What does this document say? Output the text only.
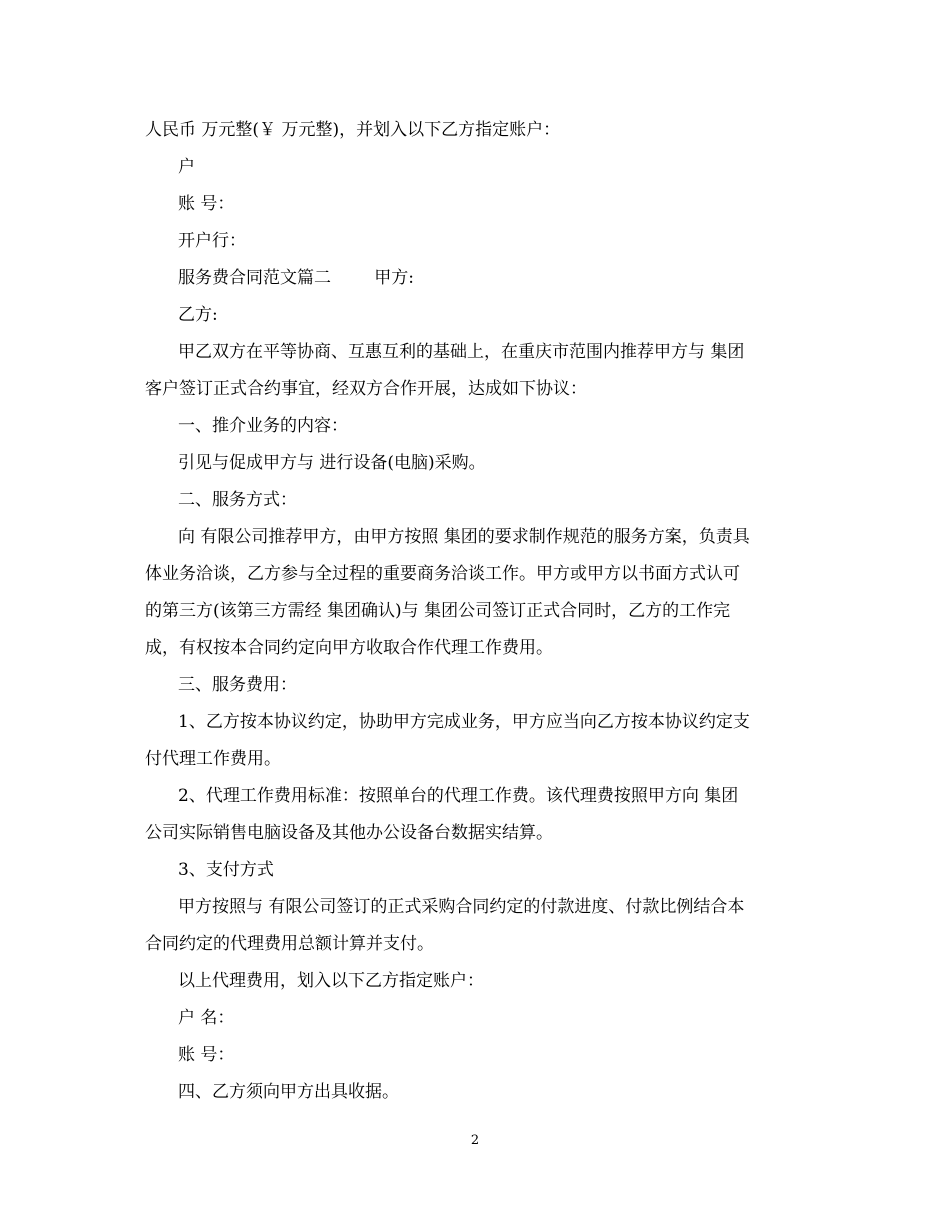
人民币 万元整(￥ 万元整)，并划入以下乙方指定账户：
户
账 号：
开户行：
服务费合同范文篇二        甲方:
乙方:
甲乙双方在平等协商、互惠互利的基础上，在重庆市范围内推荐甲方与 集团
客户签订正式合约事宜，经双方合作开展，达成如下协议：
一、推介业务的内容：
引见与促成甲方与 进行设备(电脑)采购。
二、服务方式：
向 有限公司推荐甲方，由甲方按照 集团的要求制作规范的服务方案，负责具
体业务洽谈，乙方参与全过程的重要商务洽谈工作。甲方或甲方以书面方式认可
的第三方(该第三方需经 集团确认)与 集团公司签订正式合同时，乙方的工作完
成，有权按本合同约定向甲方收取合作代理工作费用。
三、服务费用：
1、乙方按本协议约定，协助甲方完成业务，甲方应当向乙方按本协议约定支
付代理工作费用。
2、代理工作费用标准：按照单台的代理工作费。该代理费按照甲方向 集团
公司实际销售电脑设备及其他办公设备台数据实结算。
3、支付方式
甲方按照与 有限公司签订的正式采购合同约定的付款进度、付款比例结合本
合同约定的代理费用总额计算并支付。
以上代理费用，划入以下乙方指定账户：
户 名：
账 号：
四、乙方须向甲方出具收据。
2
